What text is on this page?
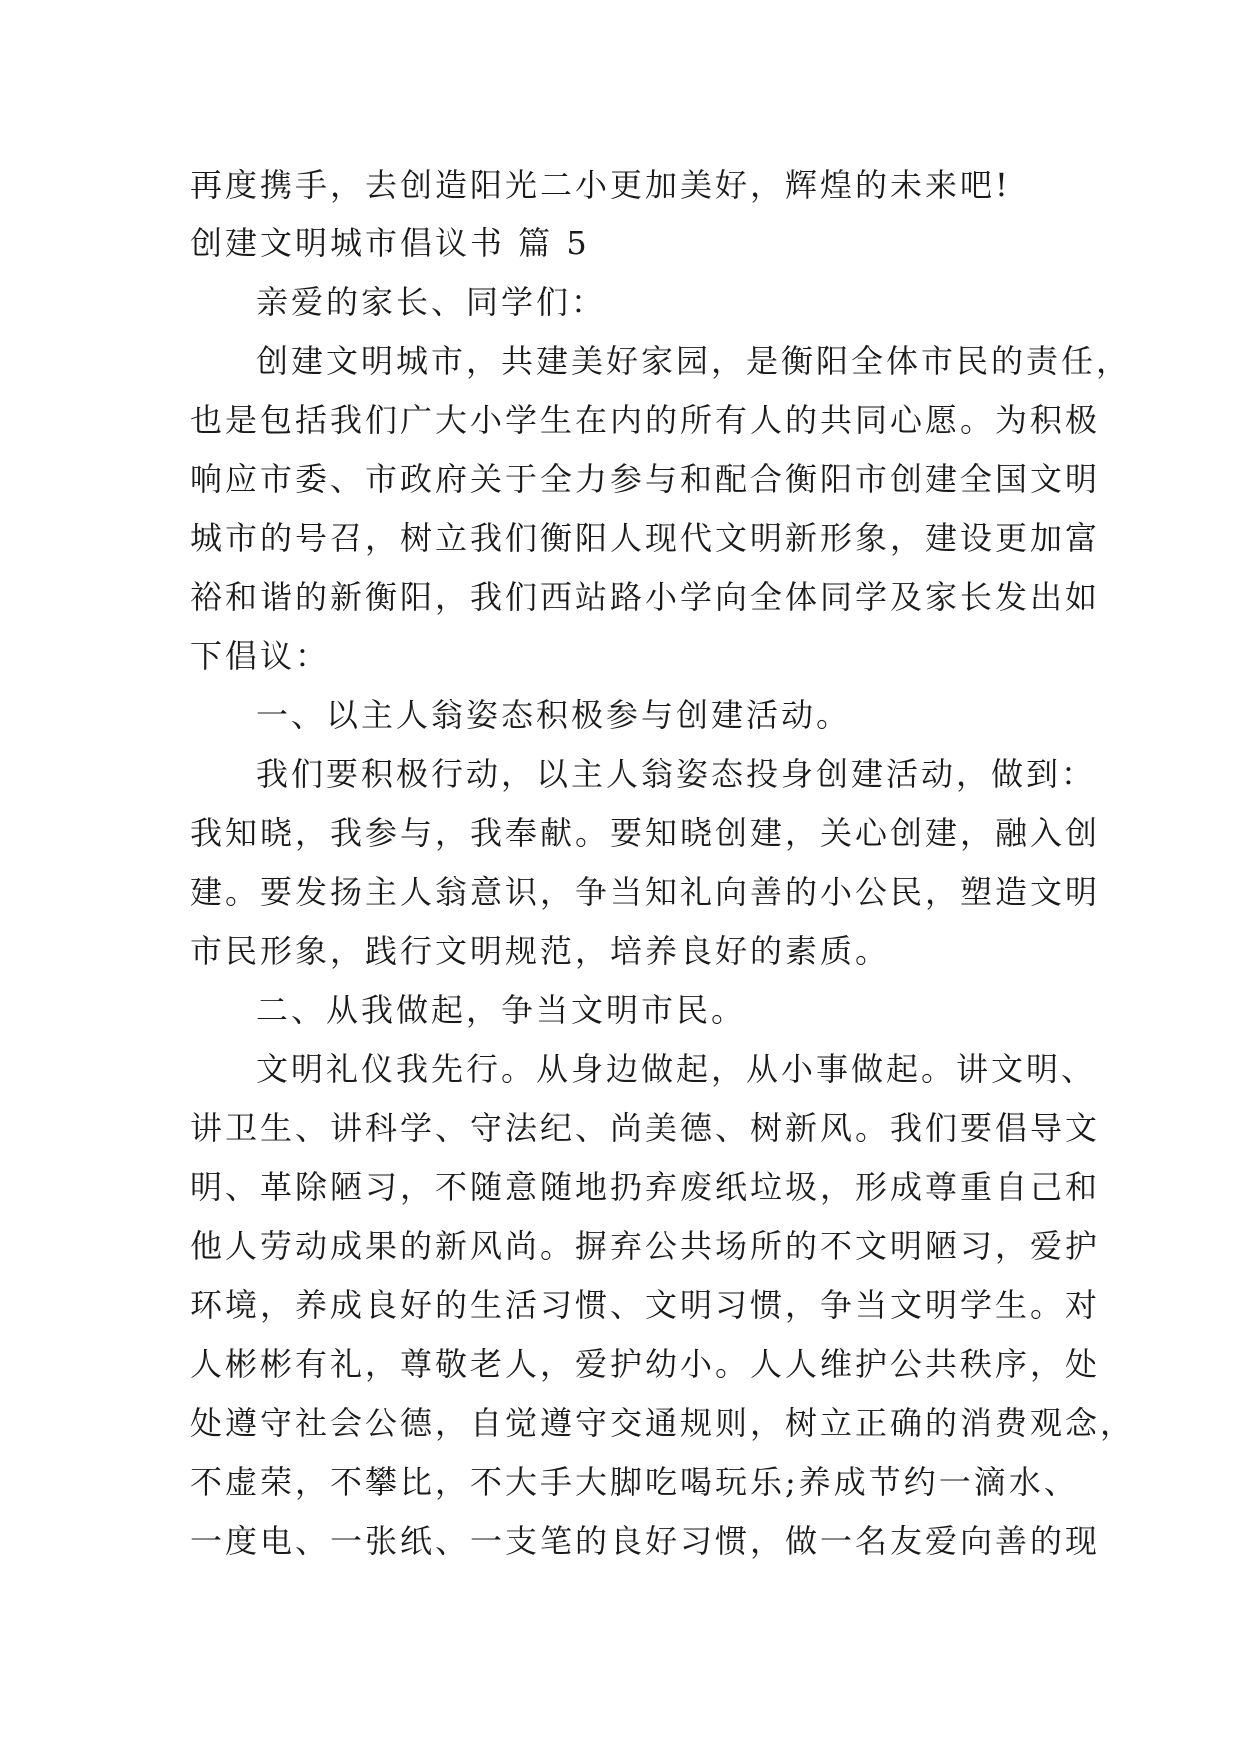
再度携手，去创造阳光二小更加美好，辉煌的未来吧!
创建文明城市倡议书 篇 5
亲爱的家长、同学们：
创建文明城市，共建美好家园，是衡阳全体市民的责任，
也是包括我们广大小学生在内的所有人的共同心愿。为积极
响应市委、市政府关于全力参与和配合衡阳市创建全国文明
城市的号召，树立我们衡阳人现代文明新形象，建设更加富
裕和谐的新衡阳，我们西站路小学向全体同学及家长发出如
下倡议：
一、以主人翁姿态积极参与创建活动。
我们要积极行动，以主人翁姿态投身创建活动，做到：
我知晓，我参与，我奉献。要知晓创建，关心创建，融入创
建。要发扬主人翁意识，争当知礼向善的小公民，塑造文明
市民形象，践行文明规范，培养良好的素质。
二、从我做起，争当文明市民。
文明礼仪我先行。从身边做起，从小事做起。讲文明、
讲卫生、讲科学、守法纪、尚美德、树新风。我们要倡导文
明、革除陋习，不随意随地扔弃废纸垃圾，形成尊重自己和
他人劳动成果的新风尚。摒弃公共场所的不文明陋习，爱护
环境，养成良好的生活习惯、文明习惯，争当文明学生。对
人彬彬有礼，尊敬老人，爱护幼小。人人维护公共秩序，处
处遵守社会公德，自觉遵守交通规则，树立正确的消费观念，
不虚荣，不攀比，不大手大脚吃喝玩乐;养成节约一滴水、
一度电、一张纸、一支笔的良好习惯，做一名友爱向善的现
